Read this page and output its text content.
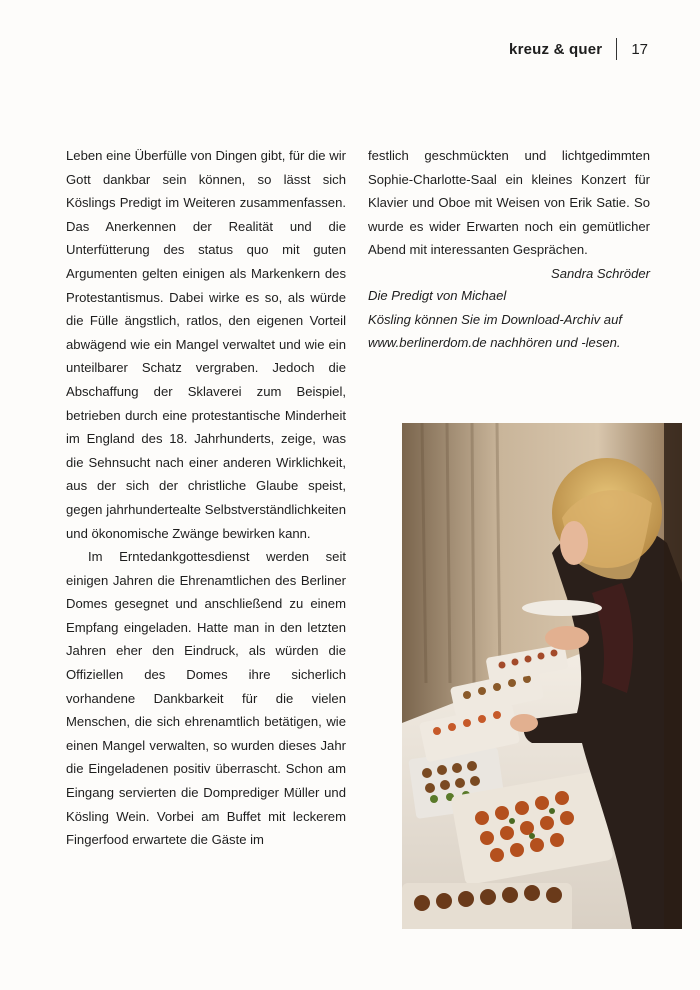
kreuz & quer 17

Leben eine Überfülle von Dingen gibt, für die wir Gott dankbar sein können, so lässt sich Köslings Predigt im Weiteren zusammenfassen. Das Anerkennen der Realität und die Unterfütterung des status quo mit guten Argumenten gelten einigen als Markenkern des Protestantismus. Dabei wirke es so, als würde die Fülle ängstlich, ratlos, den eigenen Vorteil abwägend wie ein Mangel verwaltet und wie ein unteilbarer Schatz vergraben. Jedoch die Abschaffung der Sklaverei zum Beispiel, betrieben durch eine protestantische Minderheit im England des 18. Jahrhunderts, zeige, was die Sehnsucht nach einer anderen Wirklichkeit, aus der sich der christliche Glaube speist, gegen jahrhundertealte Selbstverständlichkeiten und ökonomische Zwänge bewirken kann.

Im Erntedankgottesdienst werden seit einigen Jahren die Ehrenamtlichen des Berliner Domes gesegnet und anschließend zu einem Empfang eingeladen. Hatte man in den letzten Jahren eher den Eindruck, als würden die Offiziellen des Domes ihre sicherlich vorhandene Dankbarkeit für die vielen Menschen, die sich ehrenamtlich betätigen, wie einen Mangel verwalten, so wurden dieses Jahr die Eingeladenen positiv überrascht. Schon am Eingang servierten die Domprediger Müller und Kösling Wein. Vorbei am Buffet mit leckerem Fingerfood erwartete die Gäste im

festlich geschmückten und lichtgedimmten Sophie-Charlotte-Saal ein kleines Konzert für Klavier und Oboe mit Weisen von Erik Satie. So wurde es wider Erwarten noch ein gemütlicher Abend mit interessanten Gesprächen.
Sandra Schröder

Die Predigt von Michael Kösling können Sie im Download-Archiv auf www.berlinerdom.de nachhören und -lesen.
